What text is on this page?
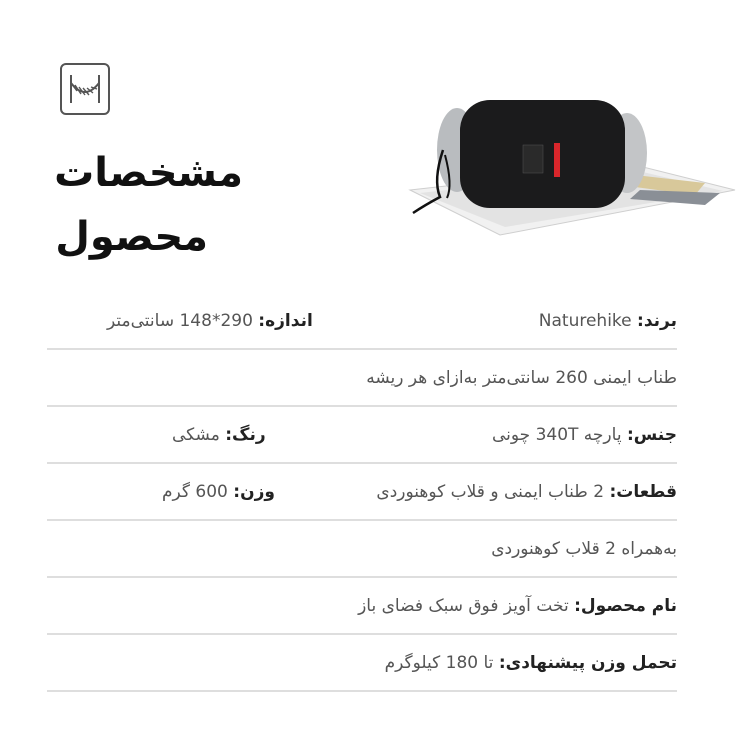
مشخصات
محصول
برند: Naturehike
اندازه: 290*148 سانتی‌متر
طناب ایمنی 260 سانتی‌متر به‌ازای هر ریشه
جنس: پارچه 340T چونی
رنگ: مشکی
قطعات: 2 طناب ایمنی و قلاب کوهنوردی
وزن: 600 گرم
به‌همراه 2 قلاب کوهنوردی
نام محصول: تخت آویز فوق سبک فضای باز
تحمل وزن پیشنهادی: تا 180 کیلوگرم
